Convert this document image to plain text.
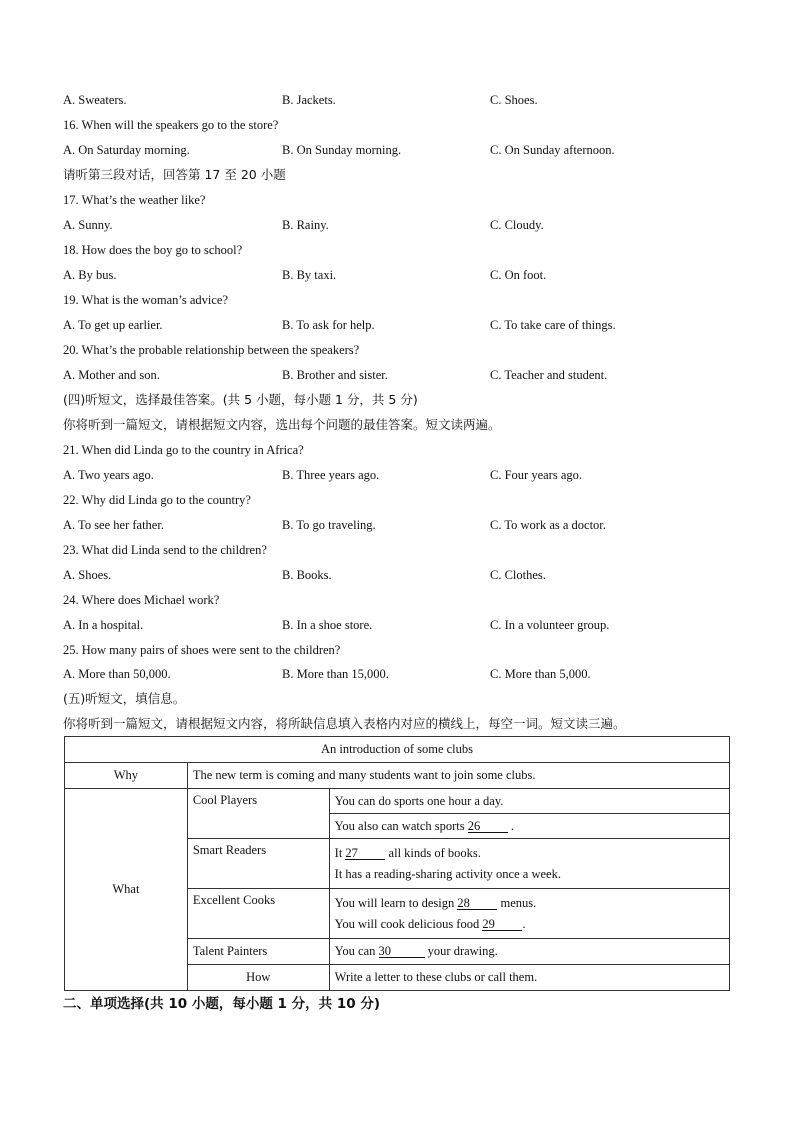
A. Sweaters.	B. Jackets.	C. Shoes.
16. When will the speakers go to the store?
A. On Saturday morning.	B. On Sunday morning.	C. On Sunday afternoon.
请听第三段对话，回答第 17 至 20 小题
17. What’s the weather like?
A. Sunny.	B. Rainy.	C. Cloudy.
18. How does the boy go to school?
A. By bus.	B. By taxi.	C. On foot.
19. What is the woman’s advice?
A. To get up earlier.	B. To ask for help.	C. To take care of things.
20. What’s the probable relationship between the speakers?
A. Mother and son.	B. Brother and sister.	C. Teacher and student.
(四)听短文，选择最佳答案。(共 5 小题，每小题 1 分，共 5 分)
你将听到一篇短文，请根据短文内容，选出每个问题的最佳答案。短文读两遍。
21. When did Linda go to the country in Africa?
A. Two years ago.	B. Three years ago.	C. Four years ago.
22. Why did Linda go to the country?
A. To see her father.	B. To go traveling.	C. To work as a doctor.
23. What did Linda send to the children?
A. Shoes.	B. Books.	C. Clothes.
24. Where does Michael work?
A. In a hospital.	B. In a shoe store.	C. In a volunteer group.
25. How many pairs of shoes were sent to the children?
A. More than 50,000.	B. More than 15,000.	C. More than 5,000.
(五)听短文，填信息。
你将听到一篇短文，请根据短文内容，将所缺信息填入表格内对应的横线上，每空一词。短文读三遍。
An introduction of some clubs		
Why	The new term is coming and many students want to join some clubs.	
What	Cool Players	You can do sports one hour a day.
		You also can watch sports 26 .
	Smart Readers	It 27 all kinds of books.
It has a reading-sharing activity once a week.

	Excellent Cooks	You will learn to design 28 menus.
You will cook delicious food 29 .

	Talent Painters	You can 30 your drawing.
	How	Write a letter to these clubs or call them.
二、单项选择(共 10 小题，每小题 1 分，共 10 分)
